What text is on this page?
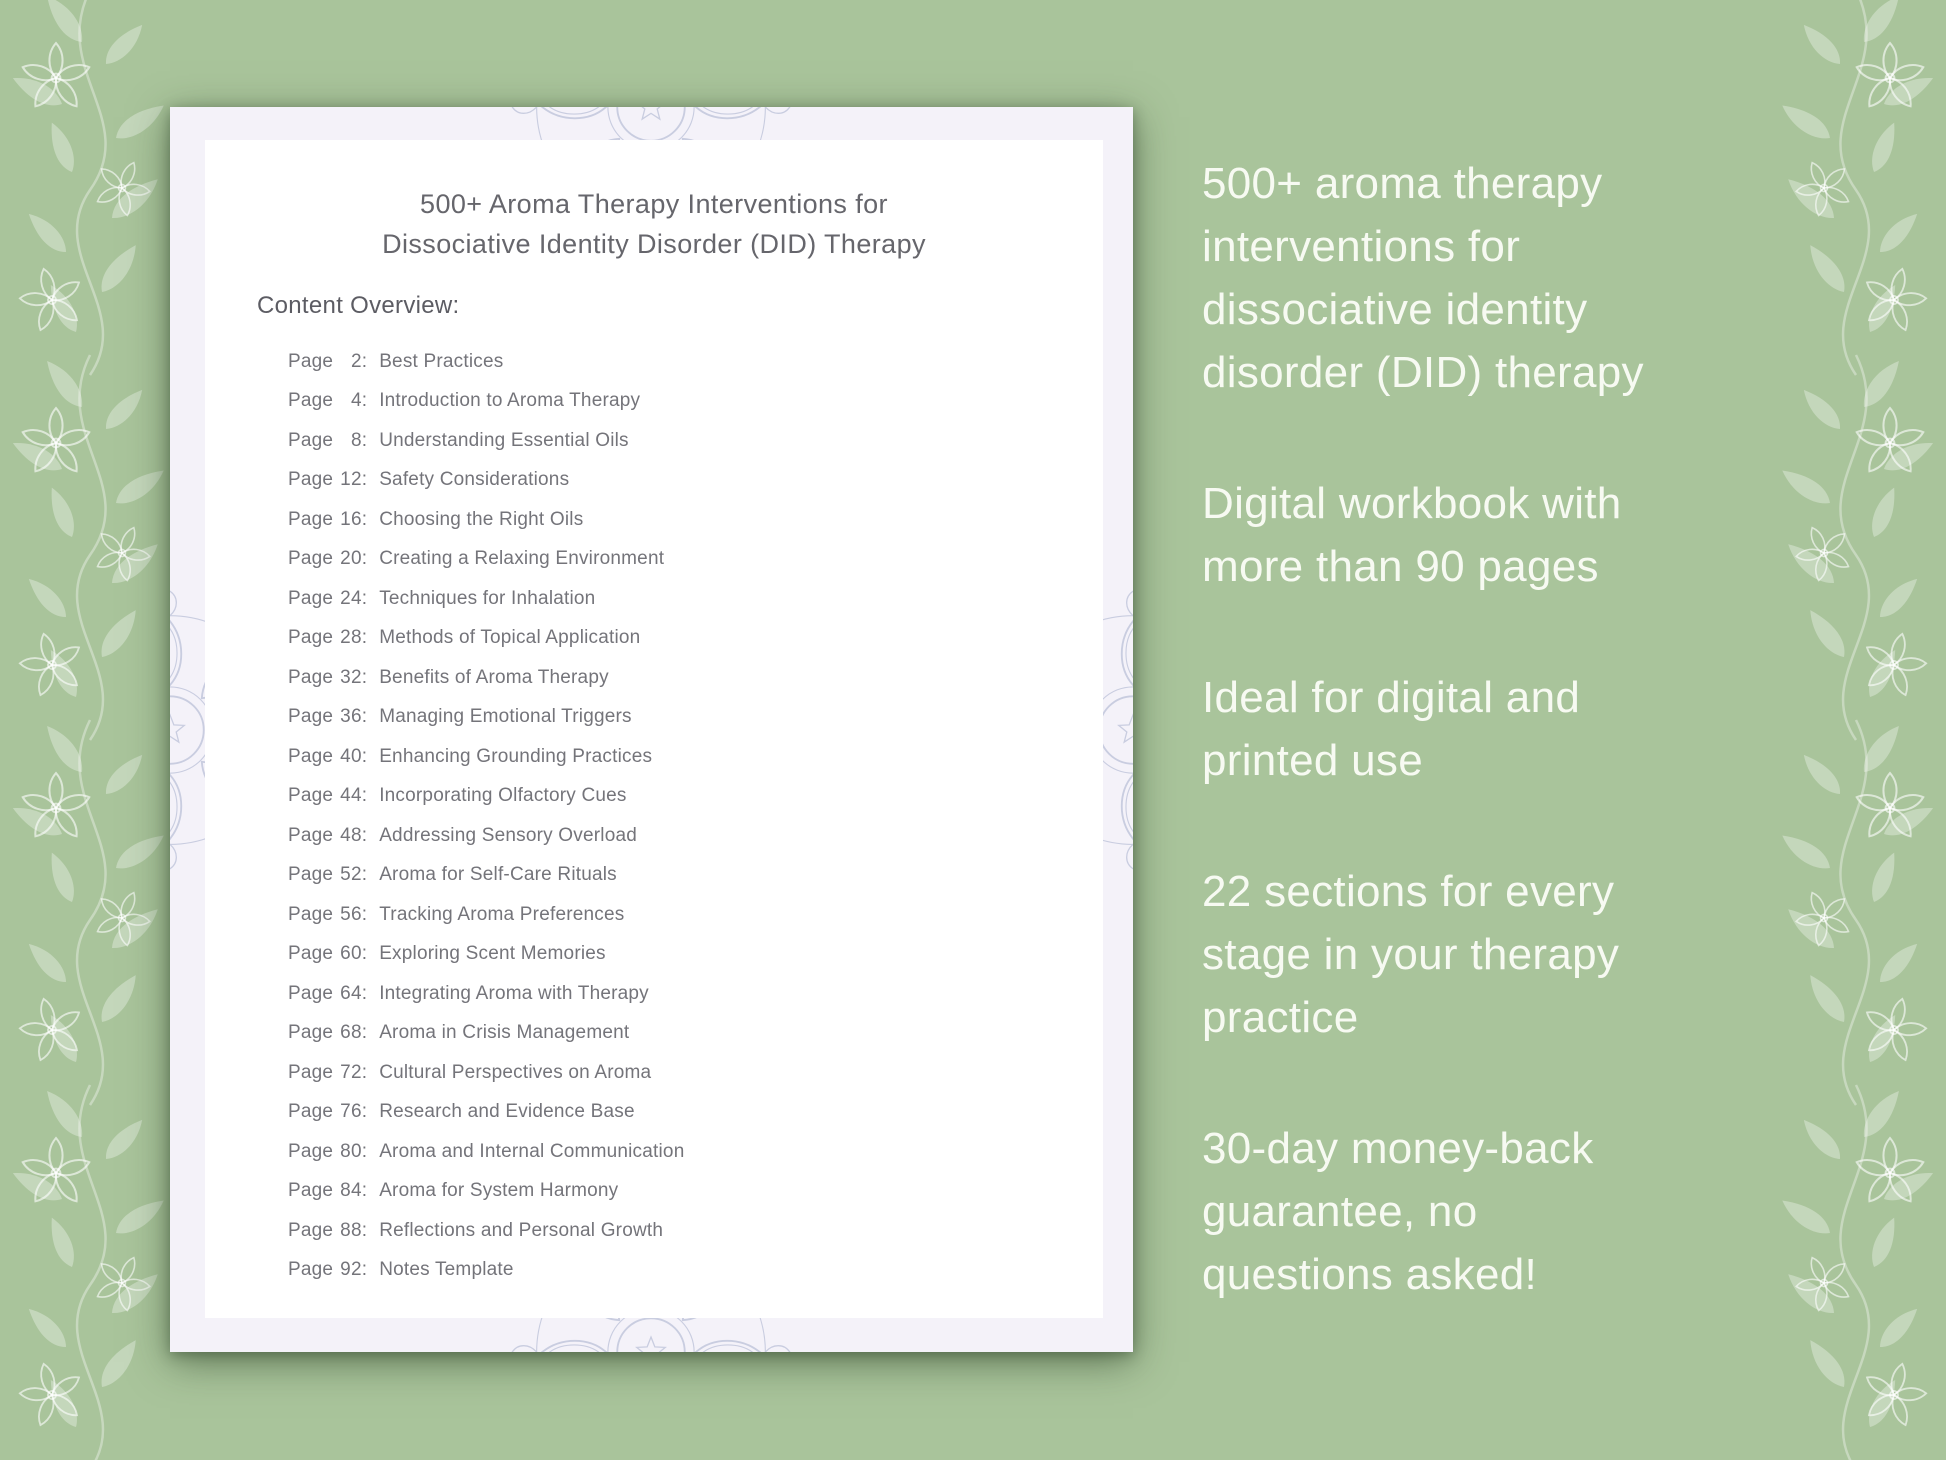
500+ Aroma Therapy Interventions for
Dissociative Identity Disorder (DID) Therapy
Content Overview:
Page 2: Best Practices
Page 4: Introduction to Aroma Therapy
Page 8: Understanding Essential Oils
Page 12: Safety Considerations
Page 16: Choosing the Right Oils
Page 20: Creating a Relaxing Environment
Page 24: Techniques for Inhalation
Page 28: Methods of Topical Application
Page 32: Benefits of Aroma Therapy
Page 36: Managing Emotional Triggers
Page 40: Enhancing Grounding Practices
Page 44: Incorporating Olfactory Cues
Page 48: Addressing Sensory Overload
Page 52: Aroma for Self-Care Rituals
Page 56: Tracking Aroma Preferences
Page 60: Exploring Scent Memories
Page 64: Integrating Aroma with Therapy
Page 68: Aroma in Crisis Management
Page 72: Cultural Perspectives on Aroma
Page 76: Research and Evidence Base
Page 80: Aroma and Internal Communication
Page 84: Aroma for System Harmony
Page 88: Reflections and Personal Growth
Page 92: Notes Template

500+ aroma therapy
interventions for
dissociative identity
disorder (DID) therapy

Digital workbook with
more than 90 pages

Ideal for digital and
printed use

22 sections for every
stage in your therapy
practice

30-day money-back
guarantee, no
questions asked!
